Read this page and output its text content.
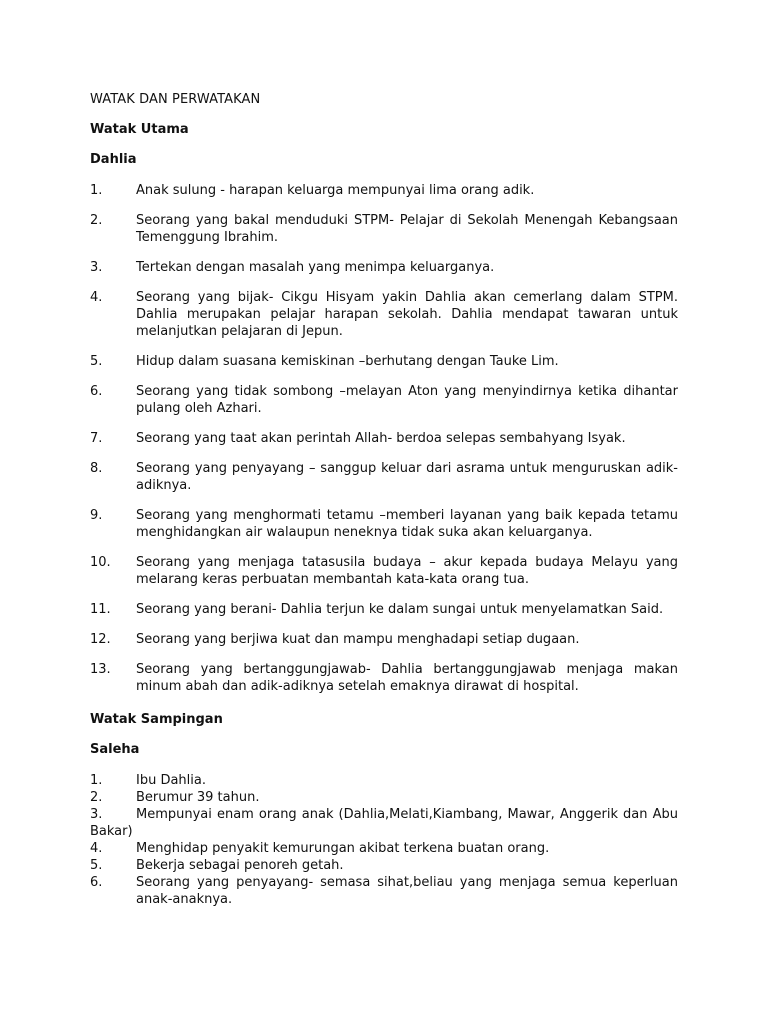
WATAK DAN PERWATAKAN
Watak Utama
Dahlia
1.	Anak sulung - harapan keluarga mempunyai lima orang adik.
2.	Seorang yang bakal menduduki STPM- Pelajar di Sekolah Menengah Kebangsaan Temenggung Ibrahim.
3.	Tertekan dengan masalah yang menimpa keluarganya.
4.	Seorang yang bijak- Cikgu Hisyam yakin Dahlia akan cemerlang dalam STPM. Dahlia merupakan pelajar harapan sekolah. Dahlia mendapat tawaran untuk melanjutkan pelajaran di Jepun.
5.	Hidup dalam suasana kemiskinan –berhutang dengan Tauke Lim.
6.	Seorang yang tidak sombong –melayan Aton yang menyindirnya ketika dihantar pulang oleh Azhari.
7.	Seorang yang taat akan perintah Allah- berdoa selepas sembahyang Isyak.
8.	Seorang yang penyayang – sanggup keluar dari asrama untuk menguruskan adik-adiknya.
9.	Seorang yang menghormati tetamu –memberi layanan yang baik kepada tetamu menghidangkan air walaupun neneknya tidak suka akan keluarganya.
10.	Seorang yang menjaga tatasusila budaya – akur kepada budaya Melayu yang melarang keras perbuatan membantah kata-kata orang tua.
11.	Seorang yang berani- Dahlia terjun ke dalam sungai untuk menyelamatkan Said.
12.	Seorang yang berjiwa kuat dan mampu menghadapi setiap dugaan.
13.	Seorang yang bertanggungjawab- Dahlia bertanggungjawab menjaga makan minum abah dan adik-adiknya setelah emaknya dirawat di hospital.
Watak Sampingan
Saleha
1.	Ibu Dahlia.
2.	Berumur 39 tahun.
3.	Mempunyai enam orang anak (Dahlia,Melati,Kiambang, Mawar, Anggerik dan Abu Bakar)
4.	Menghidap penyakit kemurungan akibat terkena buatan orang.
5.	Bekerja sebagai penoreh getah.
6.	Seorang yang penyayang- semasa sihat,beliau yang menjaga semua keperluan anak-anaknya.
